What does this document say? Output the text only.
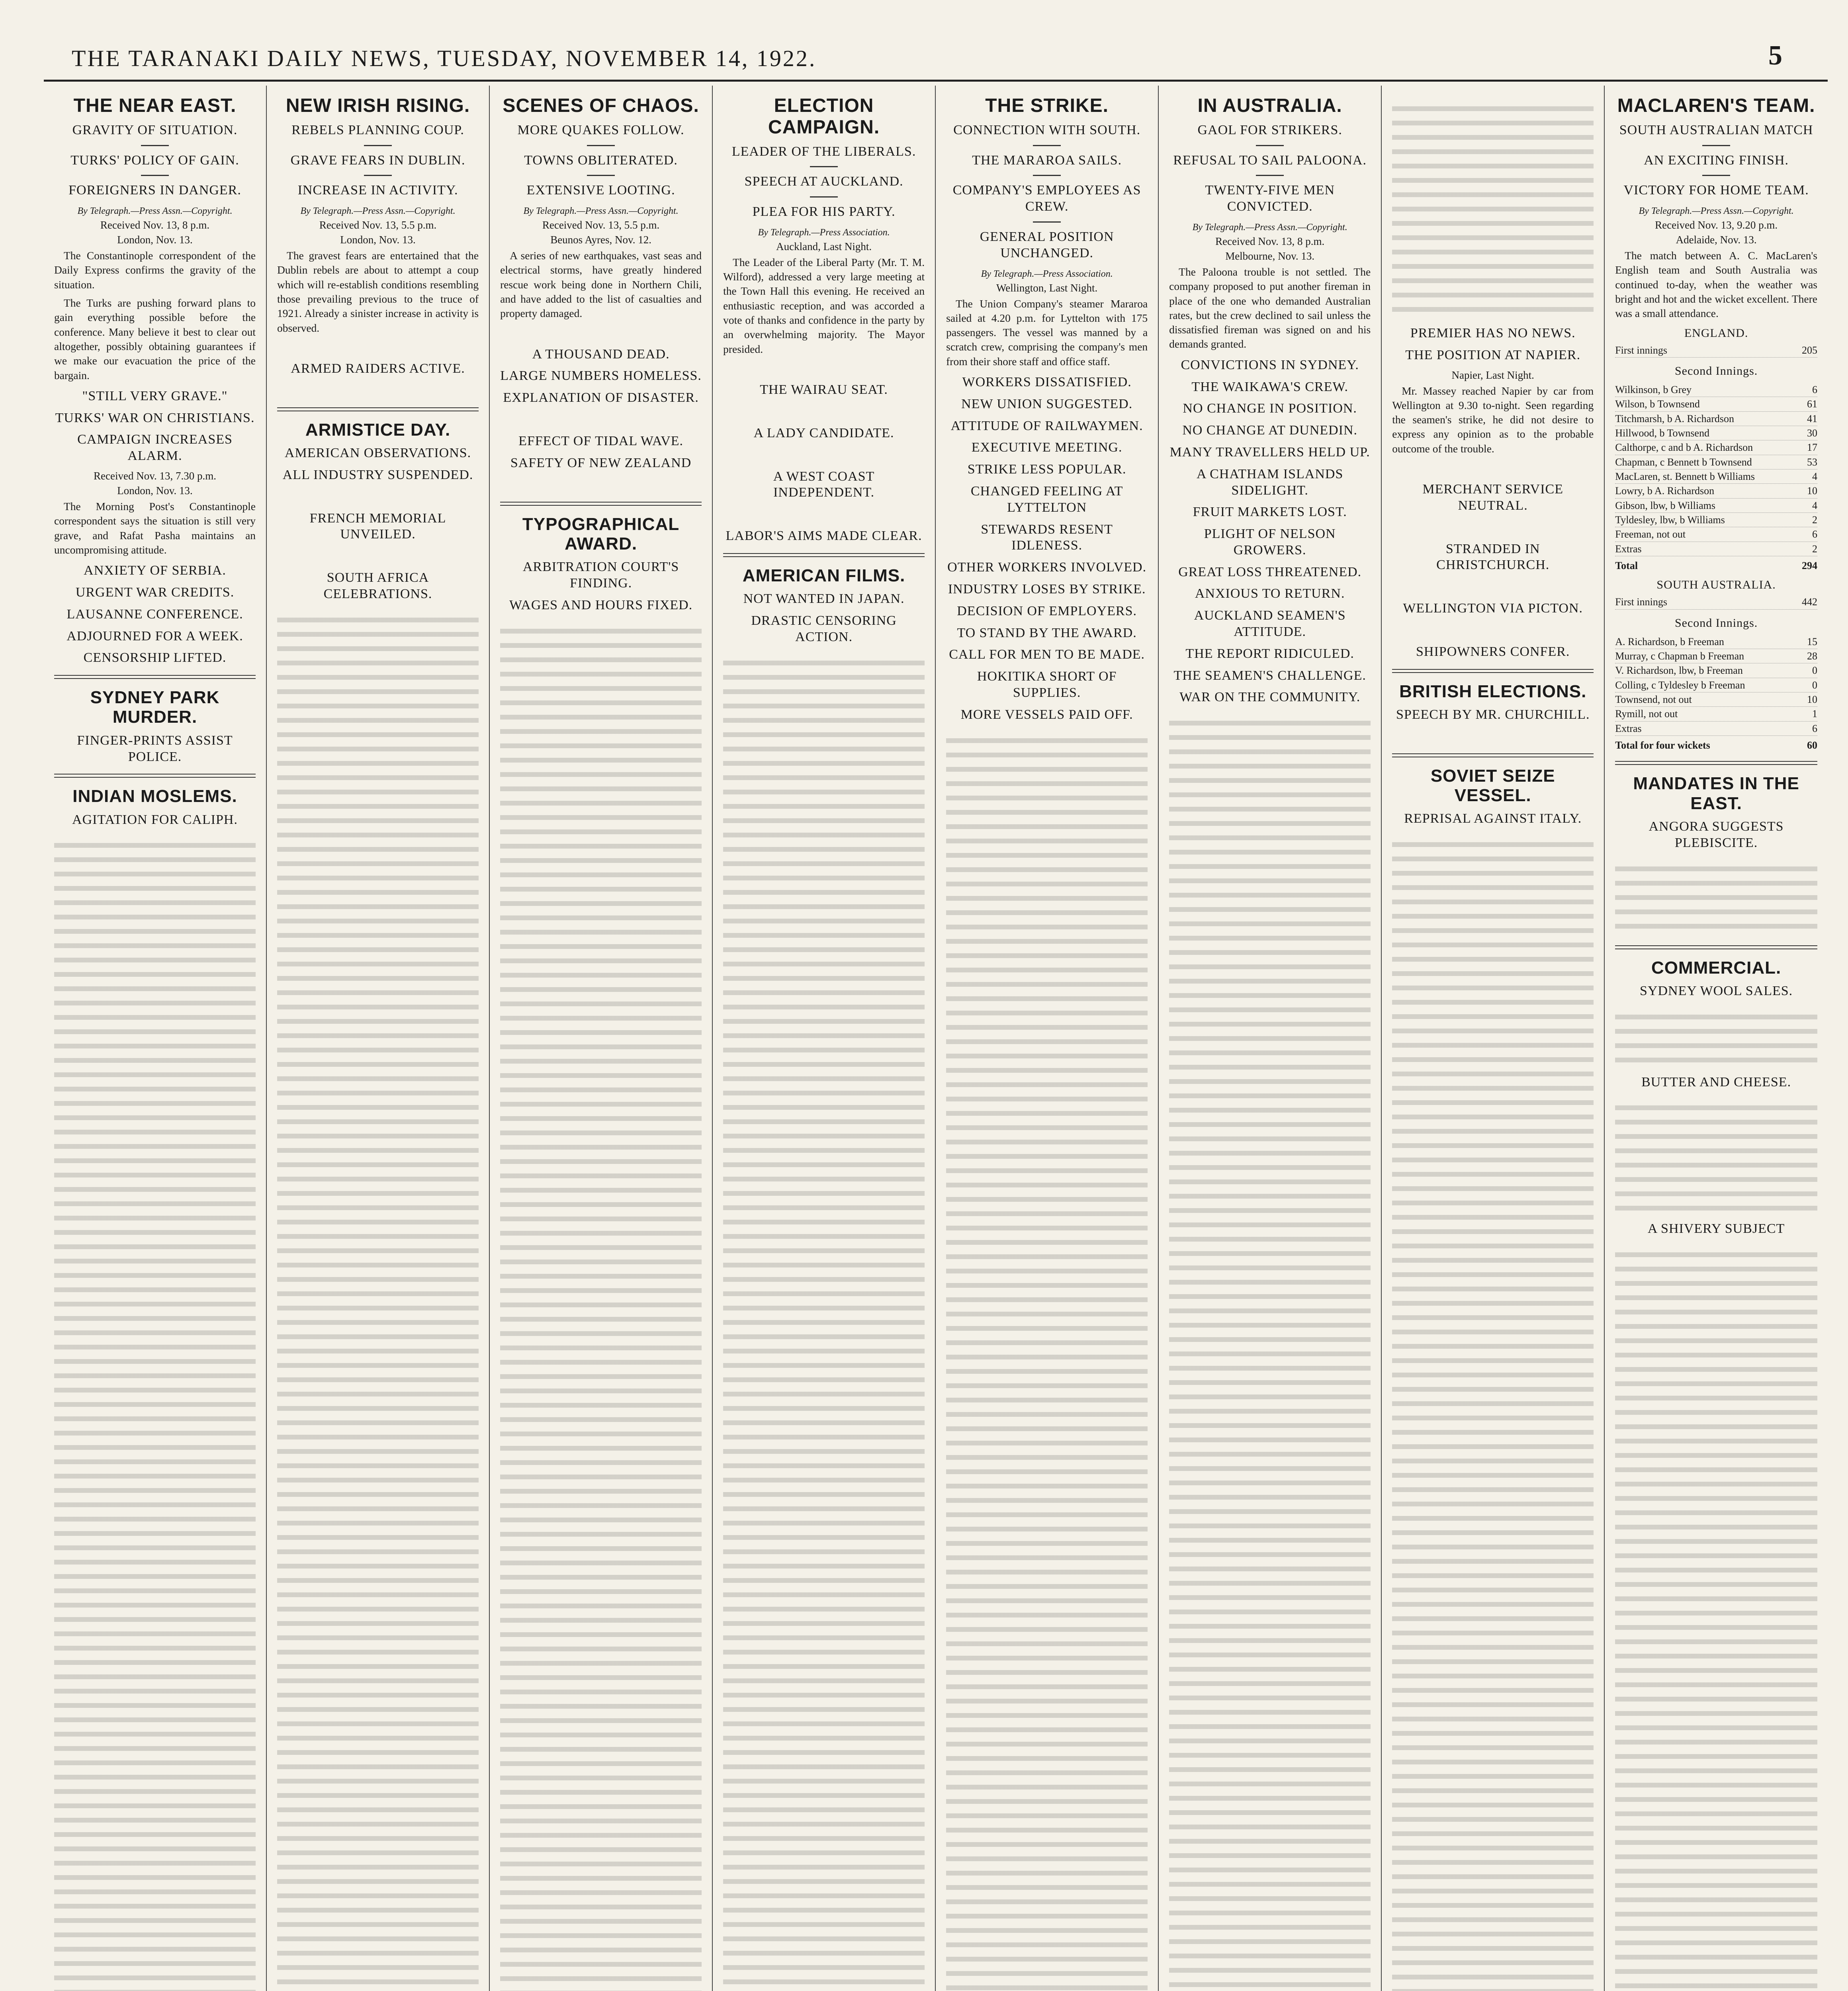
THE TARANAKI DAILY NEWS, TUESDAY, NOVEMBER 14, 1922.	5
THE NEAR EAST.
GRAVITY OF SITUATION.
TURKS' POLICY OF GAIN.
FOREIGNERS IN DANGER.
By Telegraph.—Press Assn.—Copyright.
Received Nov. 13, 8 p.m.
London, Nov. 13.

The Constantinople correspondent of the Daily Express confirms the gravity of the situation.

The Turks are pushing forward plans to gain everything possible before the conference. Many believe it best to clear out altogether, possibly obtaining guarantees if we make our evacuation the price of the bargain.

"STILL VERY GRAVE."
TURKS' WAR ON CHRISTIANS.
CAMPAIGN INCREASES ALARM.
Received Nov. 13, 7.30 p.m.
London, Nov. 13.

The Morning Post's Constantinople correspondent says the situation is still very grave, and Rafat Pasha maintains an uncompromising attitude.

ANXIETY OF SERBIA.
URGENT WAR CREDITS.
LAUSANNE CONFERENCE.
ADJOURNED FOR A WEEK.
CENSORSHIP LIFTED.
SYDNEY PARK MURDER.
FINGER-PRINTS ASSIST POLICE.
INDIAN MOSLEMS.
AGITATION FOR CALIPH.
NEW IRISH RISING.
REBELS PLANNING COUP.
GRAVE FEARS IN DUBLIN.
INCREASE IN ACTIVITY.
By Telegraph.—Press Assn.—Copyright.
Received Nov. 13, 5.5 p.m.
London, Nov. 13.

The gravest fears are entertained that the Dublin rebels are about to attempt a coup which will re-establish conditions resembling those prevailing previous to the truce of 1921. Already a sinister increase in activity is observed.

ARMED RAIDERS ACTIVE.
ARMISTICE DAY.
AMERICAN OBSERVATIONS.
ALL INDUSTRY SUSPENDED.
FRENCH MEMORIAL UNVEILED.
SOUTH AFRICA CELEBRATIONS.
SCENES OF CHAOS.
MORE QUAKES FOLLOW.
TOWNS OBLITERATED.
EXTENSIVE LOOTING.
By Telegraph.—Press Assn.—Copyright.
Received Nov. 13, 5.5 p.m.
Beunos Ayres, Nov. 12.

A series of new earthquakes, vast seas and electrical storms, have greatly hindered rescue work being done in Northern Chili, and have added to the list of casualties and property damaged.

A THOUSAND DEAD.
LARGE NUMBERS HOMELESS.
EXPLANATION OF DISASTER.
EFFECT OF TIDAL WAVE.
SAFETY OF NEW ZEALAND
TYPOGRAPHICAL AWARD.
ARBITRATION COURT'S FINDING.
WAGES AND HOURS FIXED.
ELECTION CAMPAIGN.
LEADER OF THE LIBERALS.
SPEECH AT AUCKLAND.
PLEA FOR HIS PARTY.
By Telegraph.—Press Association.
Auckland, Last Night.

The Leader of the Liberal Party (Mr. T. M. Wilford), addressed a very large meeting at the Town Hall this evening. He received an enthusiastic reception, and was accorded a vote of thanks and confidence in the party by an overwhelming majority. The Mayor presided.

THE WAIRAU SEAT.
A LADY CANDIDATE.
A WEST COAST INDEPENDENT.
LABOR'S AIMS MADE CLEAR.
AMERICAN FILMS.
NOT WANTED IN JAPAN.
DRASTIC CENSORING ACTION.
THE STRIKE.
CONNECTION WITH SOUTH.
THE MARAROA SAILS.
COMPANY'S EMPLOYEES AS CREW.
GENERAL POSITION UNCHANGED.
By Telegraph.—Press Association.
Wellington, Last Night.

The Union Company's steamer Mararoa sailed at 4.20 p.m. for Lyttelton with 175 passengers. The vessel was manned by a scratch crew, comprising the company's men from their shore staff and office staff.

WORKERS DISSATISFIED.
NEW UNION SUGGESTED.
ATTITUDE OF RAILWAYMEN.
EXECUTIVE MEETING.
STRIKE LESS POPULAR.
CHANGED FEELING AT LYTTELTON
STEWARDS RESENT IDLENESS.
OTHER WORKERS INVOLVED.
INDUSTRY LOSES BY STRIKE.
DECISION OF EMPLOYERS.
TO STAND BY THE AWARD.
CALL FOR MEN TO BE MADE.
HOKITIKA SHORT OF SUPPLIES.
MORE VESSELS PAID OFF.
IN AUSTRALIA.
GAOL FOR STRIKERS.
REFUSAL TO SAIL PALOONA.
TWENTY-FIVE MEN CONVICTED.
By Telegraph.—Press Assn.—Copyright.
Received Nov. 13, 8 p.m.
Melbourne, Nov. 13.

The Paloona trouble is not settled. The company proposed to put another fireman in place of the one who demanded Australian rates, but the crew declined to sail unless the dissatisfied fireman was signed on and his demands granted.

CONVICTIONS IN SYDNEY.
THE WAIKAWA'S CREW.
NO CHANGE IN POSITION.
NO CHANGE AT DUNEDIN.
MANY TRAVELLERS HELD UP.
A CHATHAM ISLANDS SIDELIGHT.
FRUIT MARKETS LOST.
PLIGHT OF NELSON GROWERS.
GREAT LOSS THREATENED.
ANXIOUS TO RETURN.
AUCKLAND SEAMEN'S ATTITUDE.
THE REPORT RIDICULED.
THE SEAMEN'S CHALLENGE.
WAR ON THE COMMUNITY.
PREMIER HAS NO NEWS.
THE POSITION AT NAPIER.
Napier, Last Night.

Mr. Massey reached Napier by car from Wellington at 9.30 to-night. Seen regarding the seamen's strike, he did not desire to express any opinion as to the probable outcome of the trouble.

MERCHANT SERVICE NEUTRAL.
STRANDED IN CHRISTCHURCH.
WELLINGTON VIA PICTON.
SHIPOWNERS CONFER.
BRITISH ELECTIONS.
SPEECH BY MR. CHURCHILL.
SOVIET SEIZE VESSEL.
REPRISAL AGAINST ITALY.
MACLAREN'S TEAM.
SOUTH AUSTRALIAN MATCH
AN EXCITING FINISH.
VICTORY FOR HOME TEAM.
By Telegraph.—Press Assn.—Copyright.
Received Nov. 13, 9.20 p.m.
Adelaide, Nov. 13.

The match between A. C. MacLaren's English team and South Australia was continued to-day, when the weather was bright and hot and the wicket excellent. There was a small attendance.

ENGLAND.
First innings	205
Second Innings.
Wilkinson, b Grey	6
Wilson, b Townsend	61
Titchmarsh, b A. Richardson	41
Hillwood, b Townsend	30
Calthorpe, c and b A. Richardson	17
Chapman, c Bennett b Townsend	53
MacLaren, st. Bennett b Williams	4
Lowry, b A. Richardson	10
Gibson, lbw, b Williams	4
Tyldesley, lbw, b Williams	2
Freeman, not out	6
Extras	2
Total	294
SOUTH AUSTRALIA.
First innings	442
Second Innings.
A. Richardson, b Freeman	15
Murray, c Chapman b Freeman	28
V. Richardson, lbw, b Freeman	0
Colling, c Tyldesley b Freeman	0
Townsend, not out	10
Rymill, not out	1
Extras	6
Total for four wickets	60
MANDATES IN THE EAST.
ANGORA SUGGESTS PLEBISCITE.
COMMERCIAL.
SYDNEY WOOL SALES.
BUTTER AND CHEESE.
A SHIVERY SUBJECT
